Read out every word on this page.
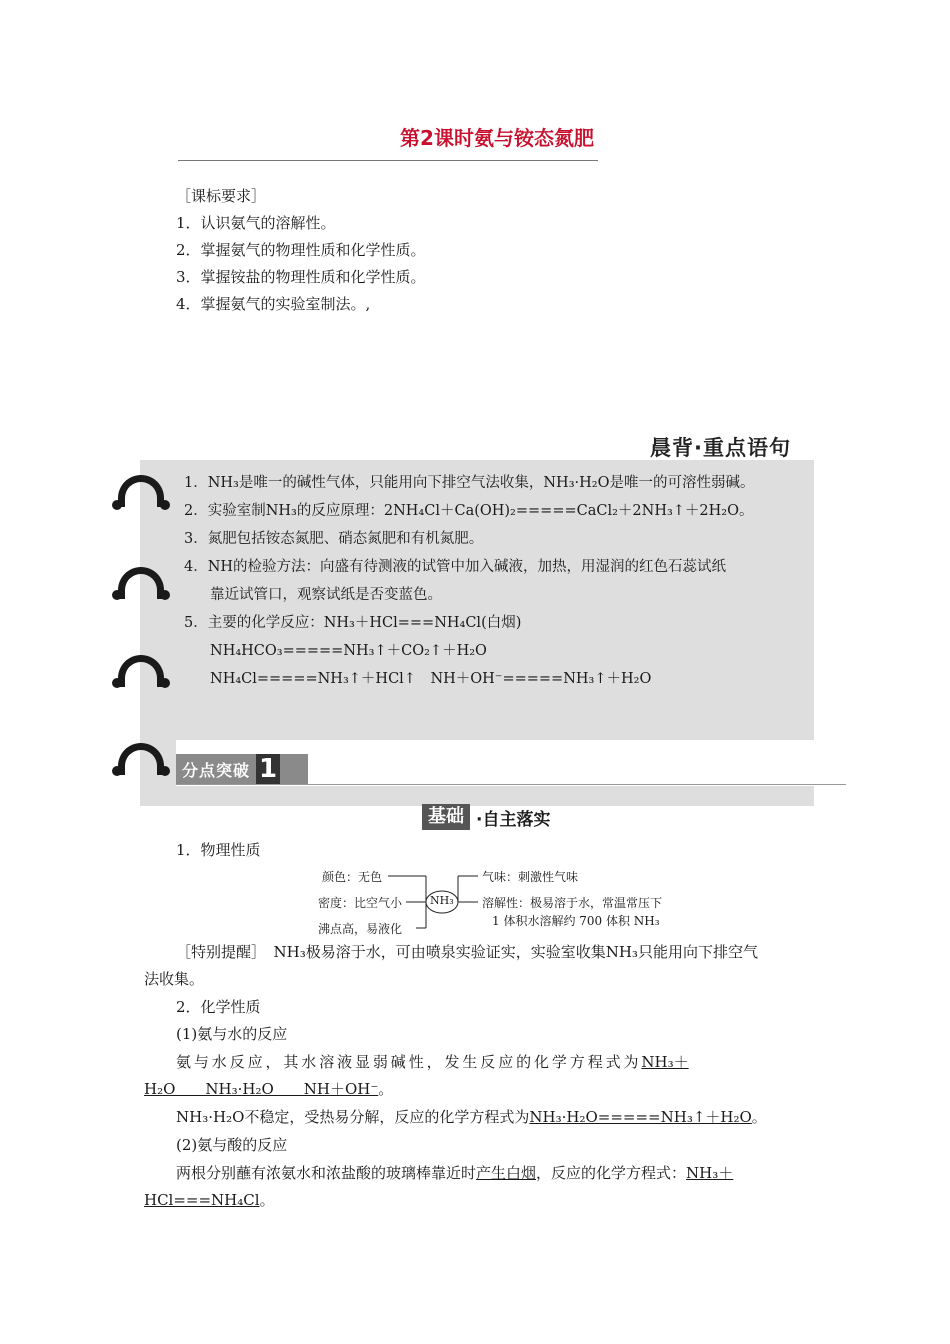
第2课时氨与铵态氮肥
［课标要求］
1．认识氨气的溶解性。
2．掌握氨气的物理性质和化学性质。
3．掌握铵盐的物理性质和化学性质。
4．掌握氨气的实验室制法。,
晨背·重点语句
1．NH₃是唯一的碱性气体，只能用向下排空气法收集，NH₃·H₂O是唯一的可溶性弱碱。
2．实验室制NH₃的反应原理：2NH₄Cl＋Ca(OH)₂=====CaCl₂＋2NH₃↑＋2H₂O。
3．氮肥包括铵态氮肥、硝态氮肥和有机氮肥。
4．NH的检验方法：向盛有待测液的试管中加入碱液，加热，用湿润的红色石蕊试纸
靠近试管口，观察试纸是否变蓝色。
5．主要的化学反应：NH₃＋HCl===NH₄Cl(白烟)
NH₄HCO₃=====NH₃↑＋CO₂↑＋H₂O
NH₄Cl=====NH₃↑＋HCl↑　NH＋OH⁻=====NH₃↑＋H₂O
分点突破 1
基础 ·自主落实
1．物理性质
颜色：无色
密度：比空气小
沸点高，易液化
NH₃
气味：刺激性气味
溶解性：极易溶于水，常温常压下
1 体积水溶解约 700 体积 NH₃
［特别提醒］　NH₃极易溶于水，可由喷泉实验证实，实验室收集NH₃只能用向下排空气
法收集。
2．化学性质
(1)氨与水的反应
氨与水反应，其水溶液显弱碱性，发生反应的化学方程式为NH₃＋
H₂O　　NH₃·H₂O　　NH＋OH⁻。
NH₃·H₂O不稳定，受热易分解，反应的化学方程式为NH₃·H₂O=====NH₃↑＋H₂O。
(2)氨与酸的反应
两根分别蘸有浓氨水和浓盐酸的玻璃棒靠近时产生白烟，反应的化学方程式：NH₃＋
HCl===NH₄Cl。
